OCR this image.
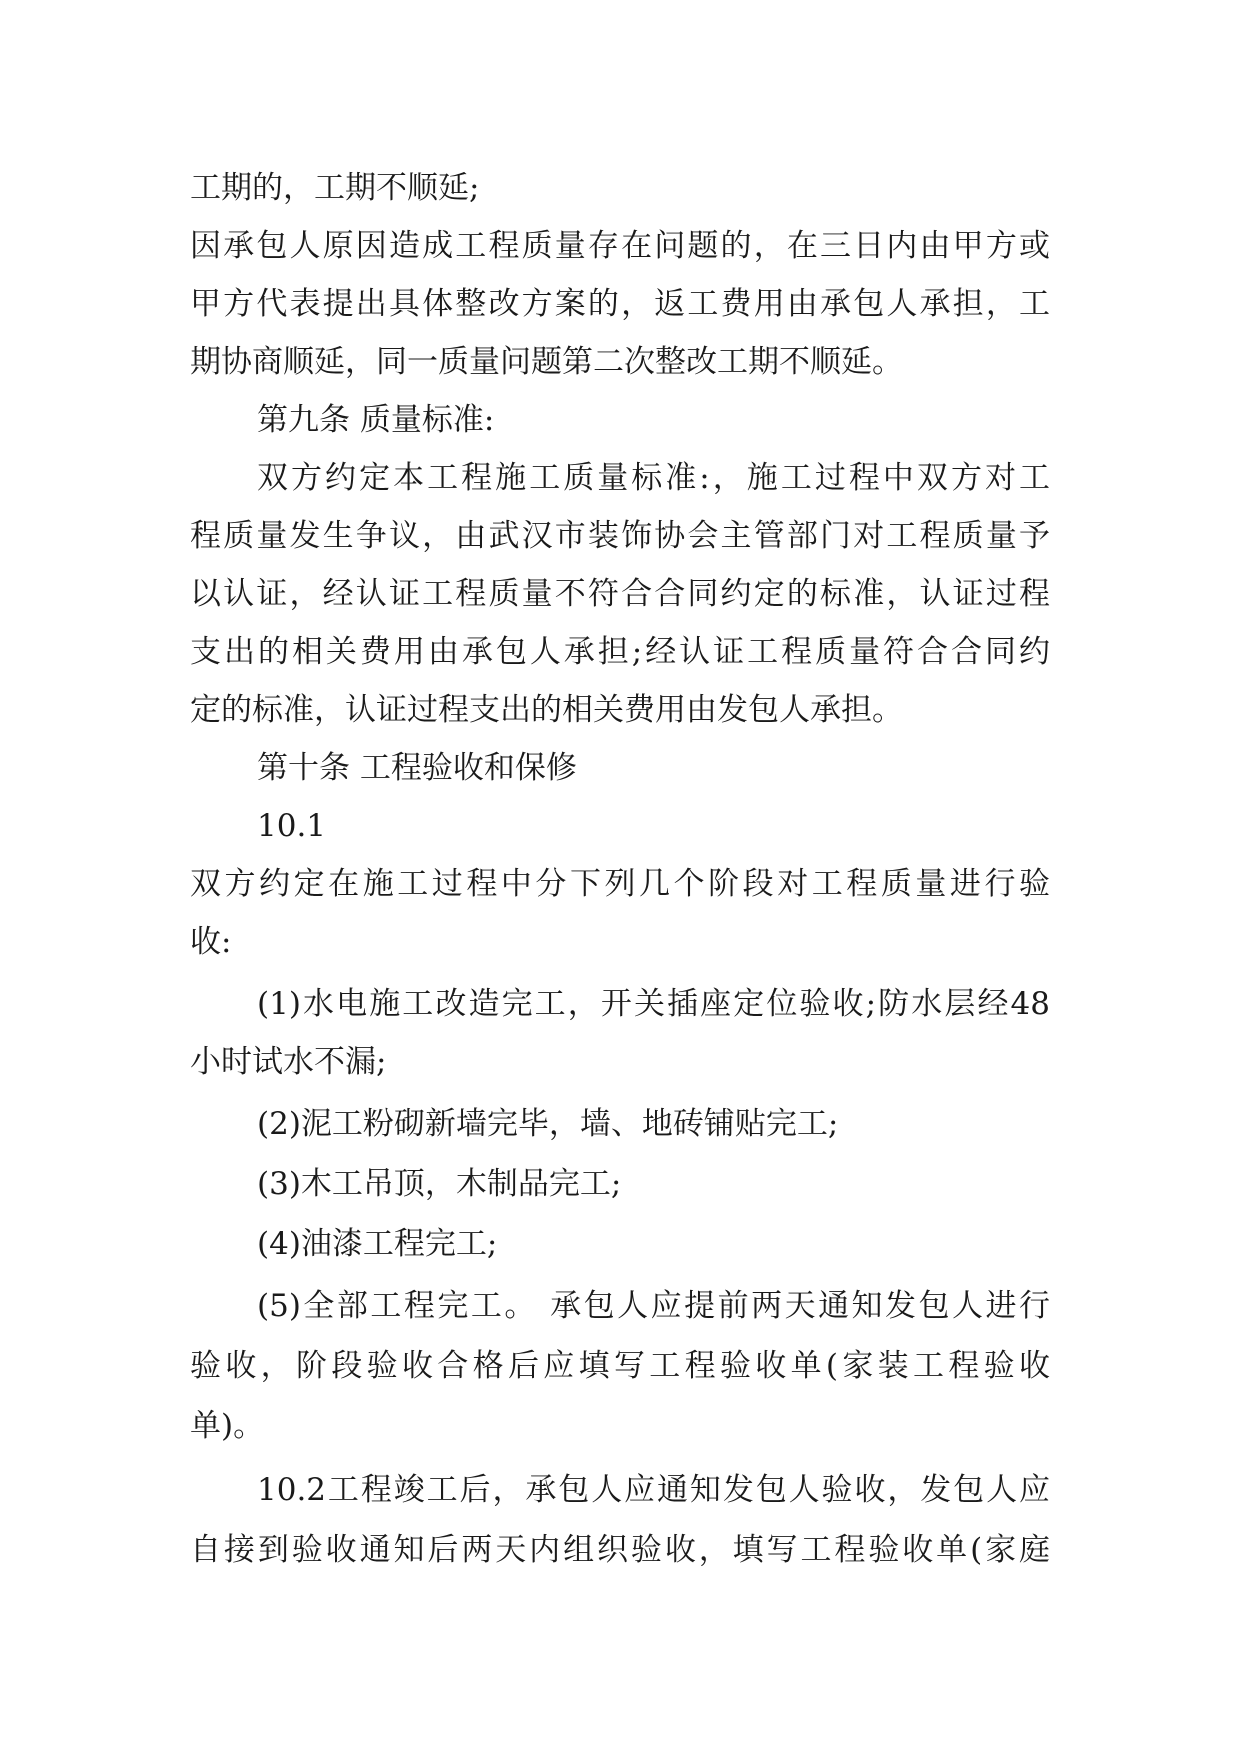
工期的，工期不顺延;
因承包人原因造成工程质量存在问题的，在三日内由甲方或
甲方代表提出具体整改方案的，返工费用由承包人承担，工
期协商顺延，同一质量问题第二次整改工期不顺延。
第九条 质量标准:
双方约定本工程施工质量标准:，施工过程中双方对工
程质量发生争议，由武汉市装饰协会主管部门对工程质量予
以认证，经认证工程质量不符合合同约定的标准，认证过程
支出的相关费用由承包人承担;经认证工程质量符合合同约
定的标准，认证过程支出的相关费用由发包人承担。
第十条 工程验收和保修
10.1
双方约定在施工过程中分下列几个阶段对工程质量进行验
收:
(1)水电施工改造完工，开关插座定位验收;防水层经48
小时试水不漏;
(2)泥工粉砌新墙完毕，墙、地砖铺贴完工;
(3)木工吊顶，木制品完工;
(4)油漆工程完工;
(5)全部工程完工。 承包人应提前两天通知发包人进行
验收，阶段验收合格后应填写工程验收单(家装工程验收
单)。
10.2工程竣工后，承包人应通知发包人验收，发包人应
自接到验收通知后两天内组织验收，填写工程验收单(家庭
